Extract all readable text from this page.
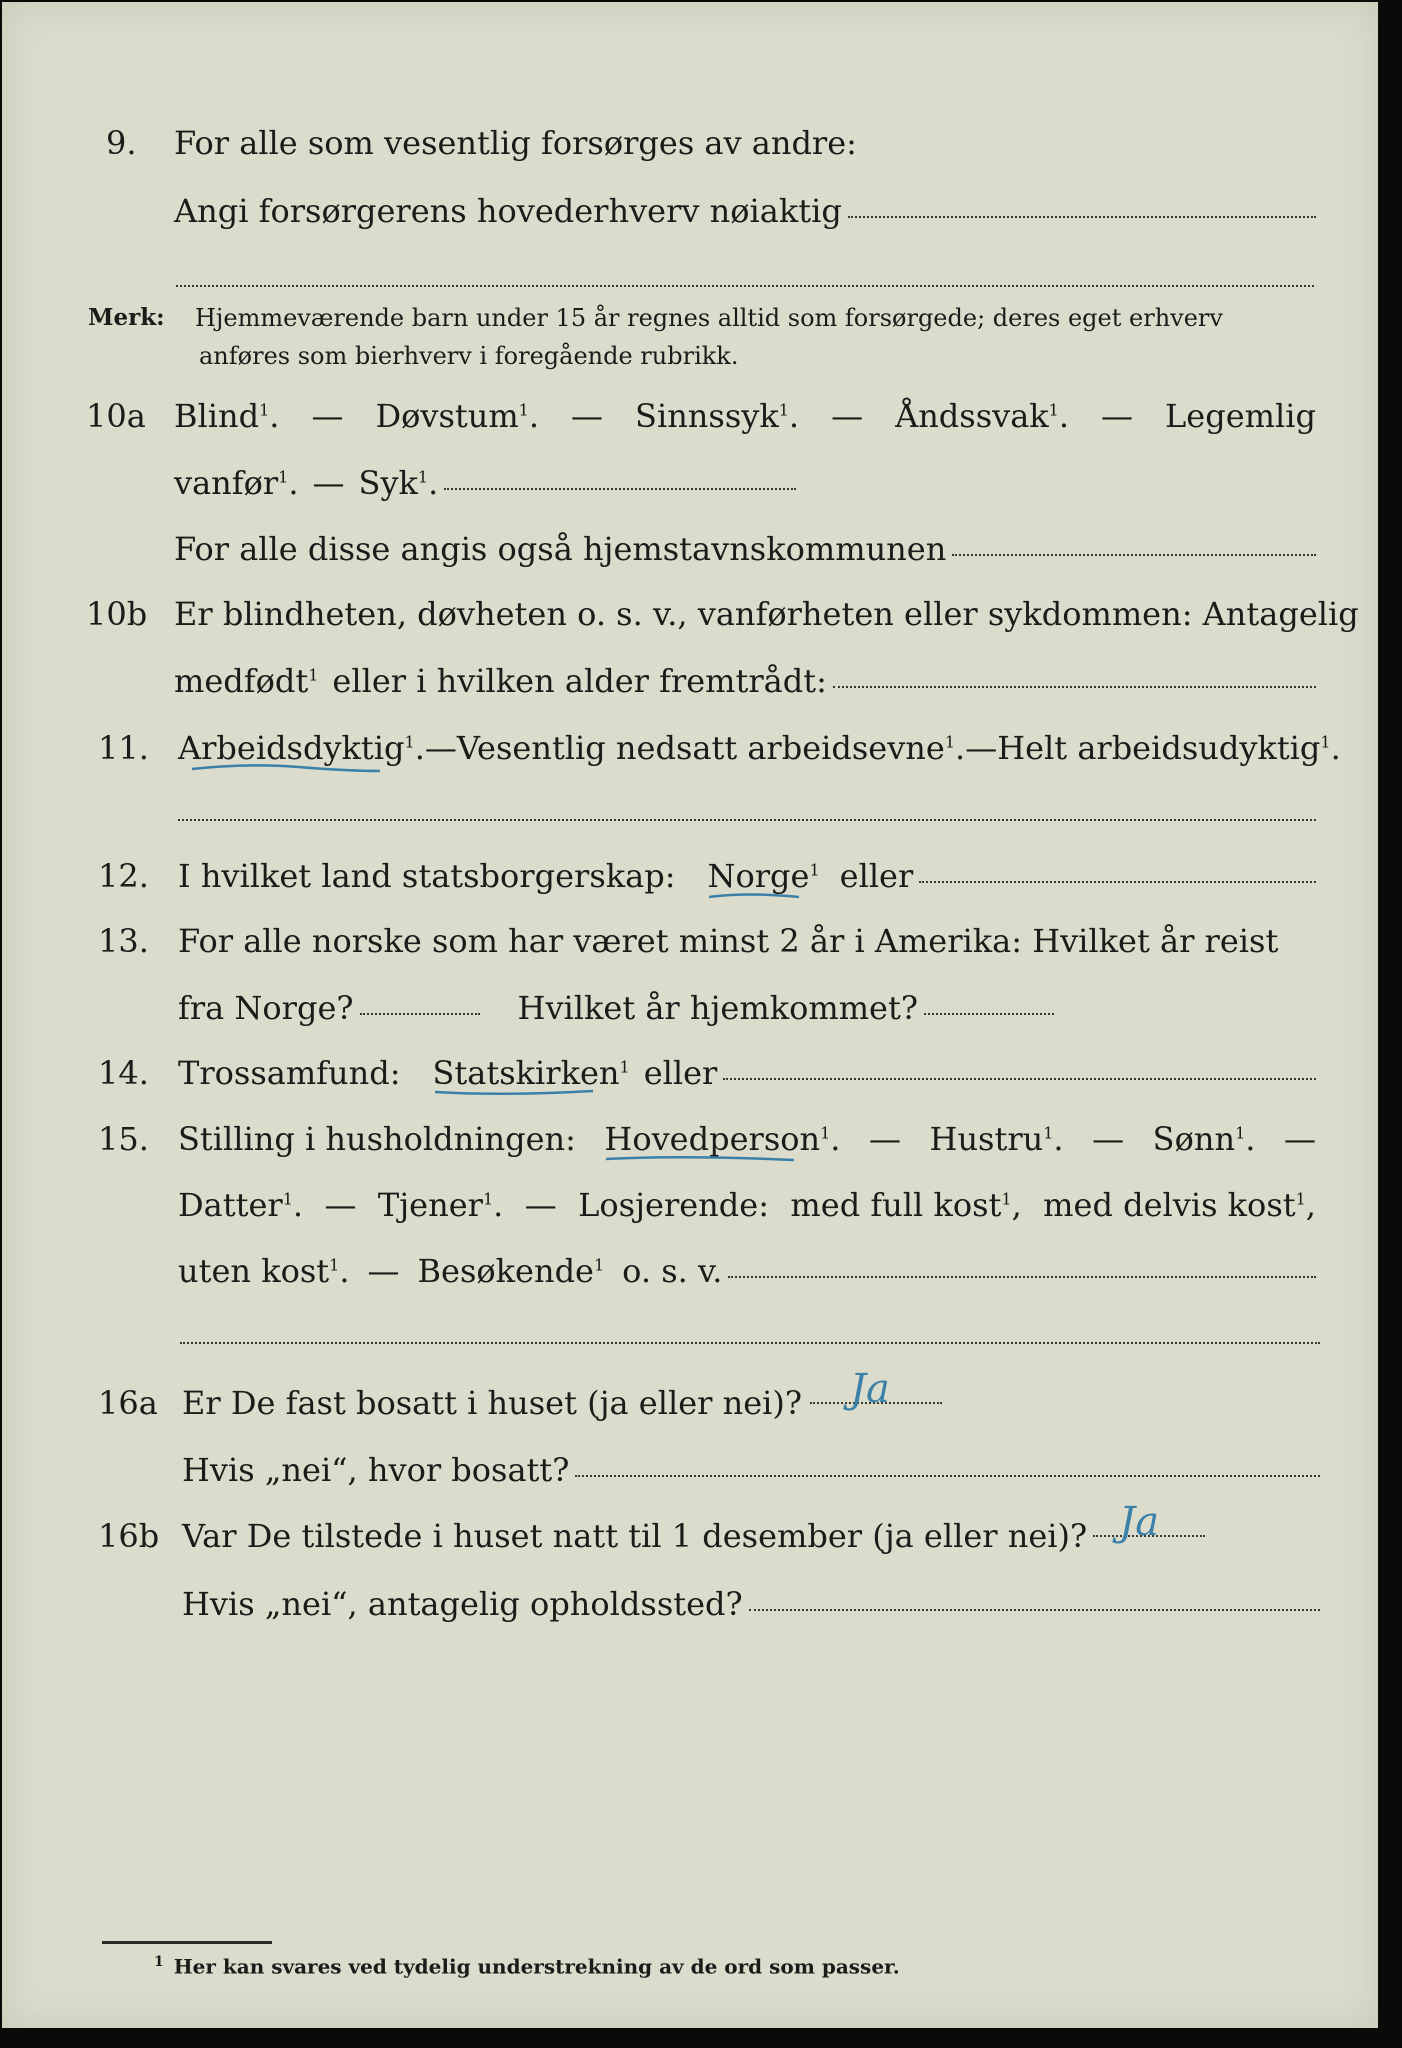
9. For alle som vesentlig forsørges av andre:
Angi forsørgerens hovederhverv nøiaktig
Merk: Hjemmeværende barn under 15 år regnes alltid som forsørgede; deres eget erhverv
anføres som bierhverv i foregående rubrikk.
10a Blind$^1$. — Døvstum$^1$. — Sinnssyk$^1$. — Åndssvak$^1$. — Legemlig
vanfør$^1$. — Syk$^1$.
For alle disse angis også hjemstavnskommunen
10b Er blindheten, døvheten o. s. v., vanførheten eller sykdommen: Antagelig
medfødt$^1$ eller i hvilken alder fremtrådt:
11. Arbeidsdyktig$^1$. — Vesentlig nedsatt arbeidsevne$^1$. — Helt arbeidsudyktig$^1$.
12. I hvilket land statsborgerskap: Norge$^1$ eller
13. For alle norske som har været minst 2 år i Amerika: Hvilket år reist
fra Norge?	Hvilket år hjemkommet?
14. Trossamfund: Statskirken$^1$ eller
15. Stilling i husholdningen: Hovedperson$^1$. — Hustru$^1$. — Sønn$^1$. —
Datter$^1$. — Tjener$^1$. — Losjerende: med full kost$^1$, med delvis kost$^1$,
uten kost$^1$. — Besøkende$^1$ o. s. v.
16a Er De fast bosatt i huset (ja eller nei)? Ja
Hvis „nei“, hvor bosatt?
16b Var De tilstede i huset natt til 1 desember (ja eller nei)? Ja
Hvis „nei“, antagelig opholdssted?
$^1$ Her kan svares ved tydelig understrekning av de ord som passer.
